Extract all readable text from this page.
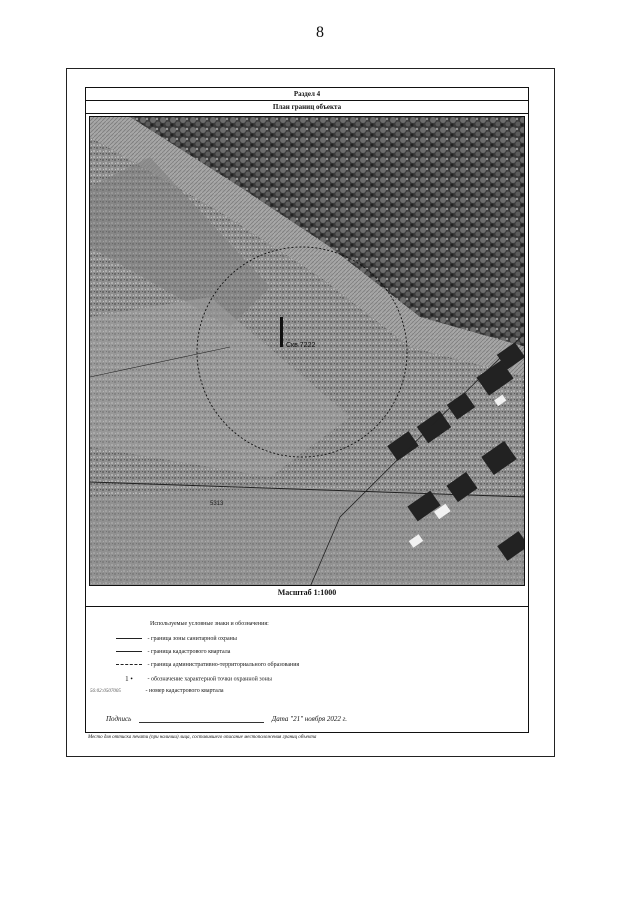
8
Раздел 4
План границ объекта
Скв.7222
5313
Масштаб 1:1000
Используемые условные знаки и обозначения:
- граница зоны санитарной охраны
- граница кадастрового квартала
- граница административно-территориального образования
1 • - обозначение характерной точки охранной зоны
56:02:0507005	- номер кадастрового квартала
Подпись	Дата "21" ноября 2022 г.
Место для оттиска печати (при наличии) лица, составившего описание местоположения границ объекта
